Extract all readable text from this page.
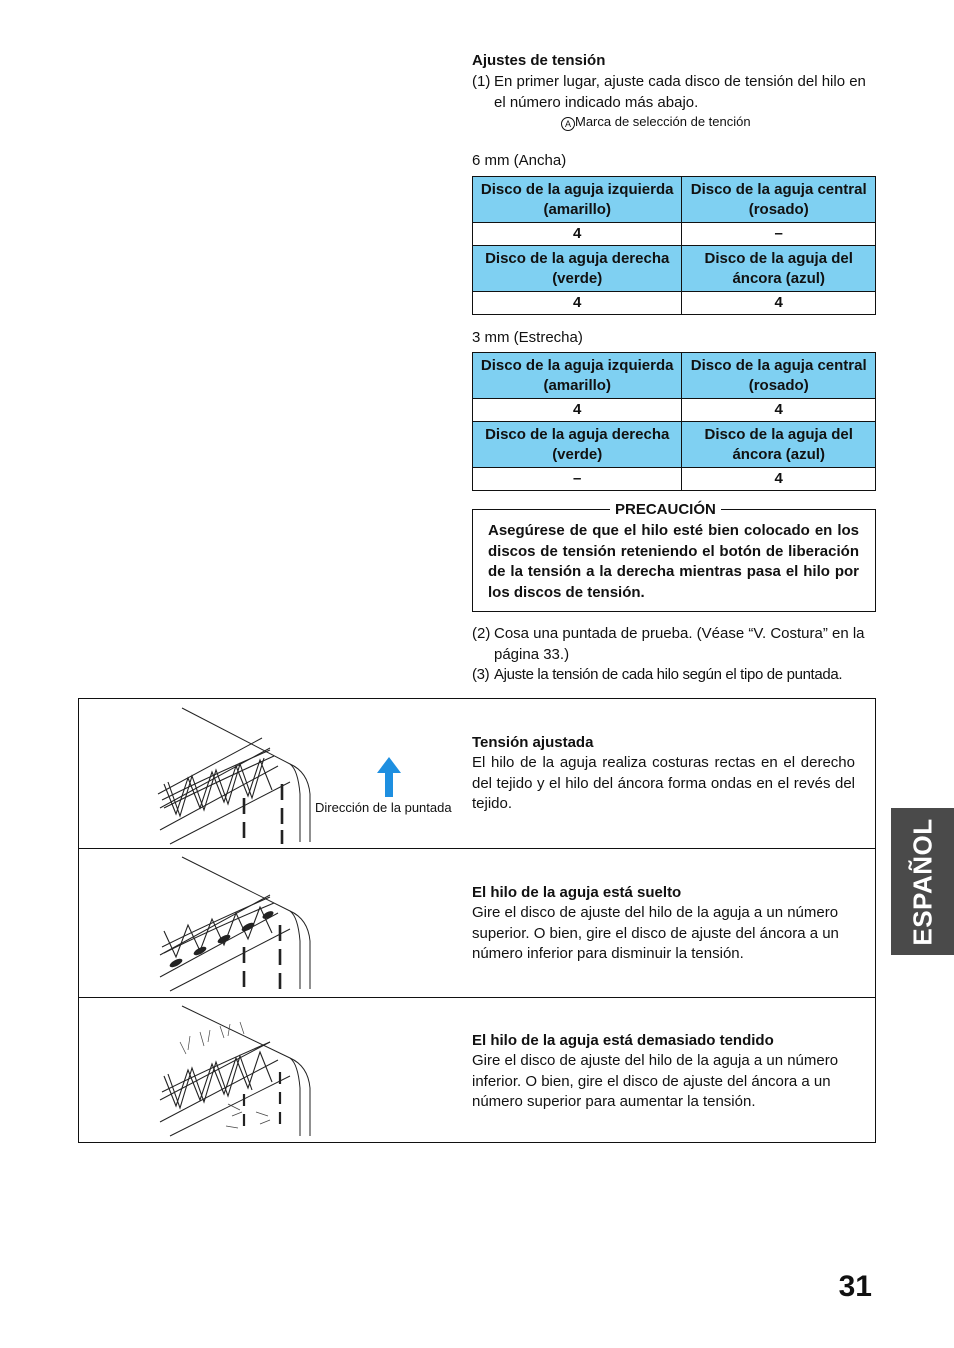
Ajustes de tensión
(1) En primer lugar, ajuste cada disco de tensión del hilo en el número indicado más abajo.
A Marca de selección de tención
6 mm (Ancha)
Disco de la aguja izquierda (amarillo)	Disco de la aguja central (rosado)
4	–
Disco de la aguja derecha (verde)	Disco de la aguja del áncora (azul)
4	4
3 mm (Estrecha)
Disco de la aguja izquierda (amarillo)	Disco de la aguja central (rosado)
4	4
Disco de la aguja derecha (verde)	Disco de la aguja del áncora (azul)
–	4
PRECAUCIÓN
Asegúrese de que el hilo esté bien colocado en los discos de tensión reteniendo el botón de liberación de la tensión a la derecha mientras pasa el hilo por los discos de tensión.
(2) Cosa una puntada de prueba. (Véase “V. Costura” en la página 33.)
(3) Ajuste la tensión de cada hilo según el tipo de puntada.
Dirección de la puntada
Tensión ajustada
El hilo de la aguja realiza costuras rectas en el derecho del tejido y el hilo del áncora forma ondas en el revés del tejido.
El hilo de la aguja está suelto
Gire el disco de ajuste del hilo de la aguja a un número superior. O bien, gire el disco de ajuste del áncora a un número inferior para disminuir la tensión.
El hilo de la aguja está demasiado tendido
Gire el disco de ajuste del hilo de la aguja a un número inferior. O bien, gire el disco de ajuste del áncora a un número superior para aumentar la tensión.
ESPAÑOL
31
